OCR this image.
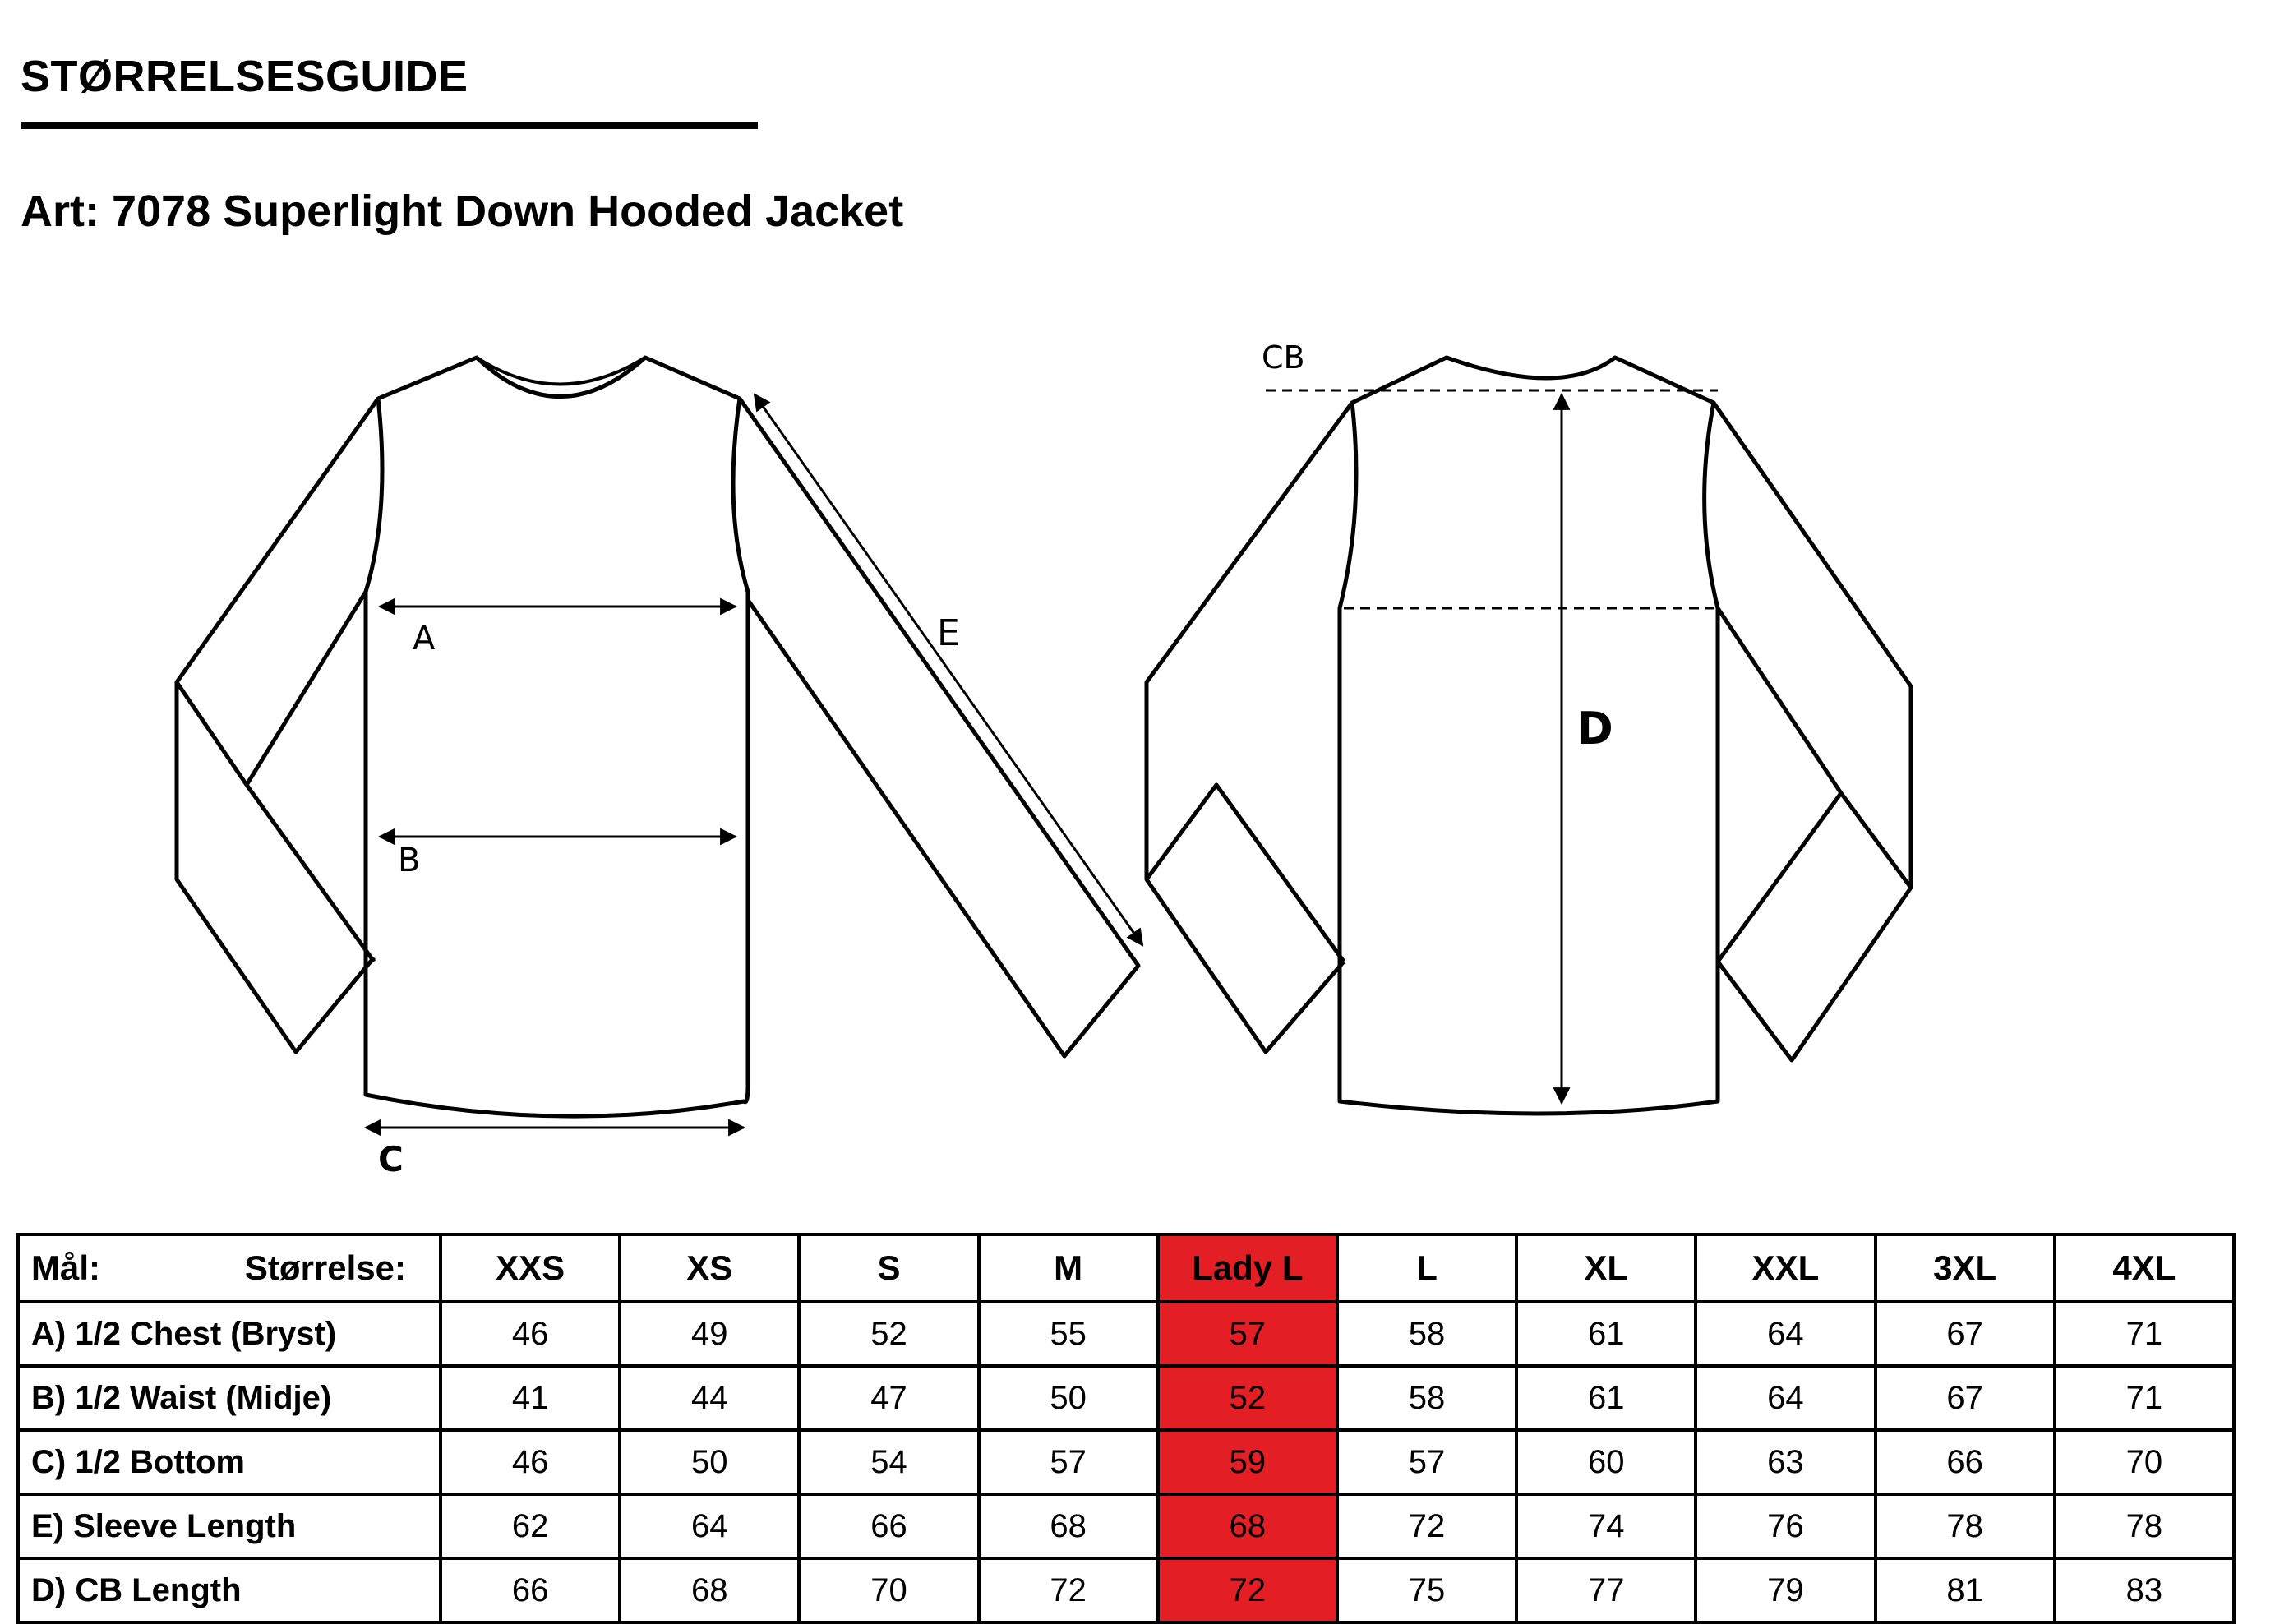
STØRRELSESGUIDE
Art: 7078 Superlight Down Hooded Jacket
A
B
C
E
CB
D
Mål: Størrelse:	XXS	XS	S	M	Lady L	L	XL	XXL	3XL	4XL
A) 1/2 Chest (Bryst)	46	49	52	55	57	58	61	64	67	71
B) 1/2 Waist (Midje)	41	44	47	50	52	58	61	64	67	71
C) 1/2 Bottom	46	50	54	57	59	57	60	63	66	70
E) Sleeve Length	62	64	66	68	68	72	74	76	78	78
D) CB Length	66	68	70	72	72	75	77	79	81	83
